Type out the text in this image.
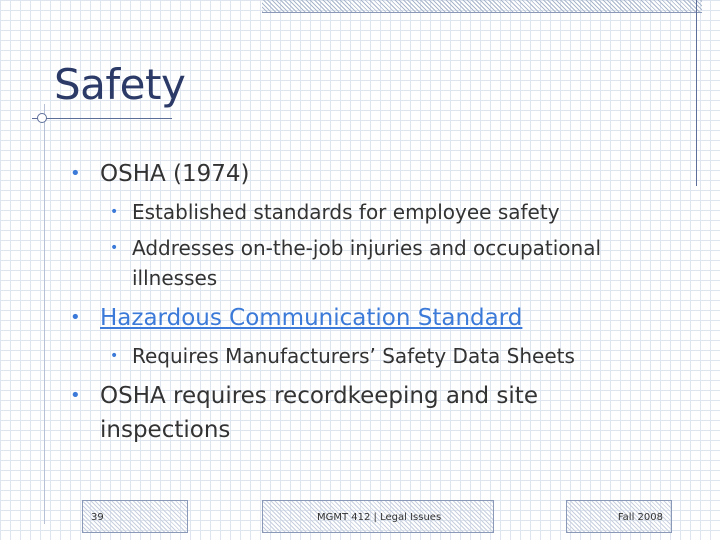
Safety
• OSHA (1974)
• Established standards for employee safety
• Addresses on-the-job injuries and occupational
illnesses
• Hazardous Communication Standard
• Requires Manufacturers’ Safety Data Sheets
• OSHA requires recordkeeping and site
inspections
39	MGMT 412 | Legal Issues	Fall 2008
